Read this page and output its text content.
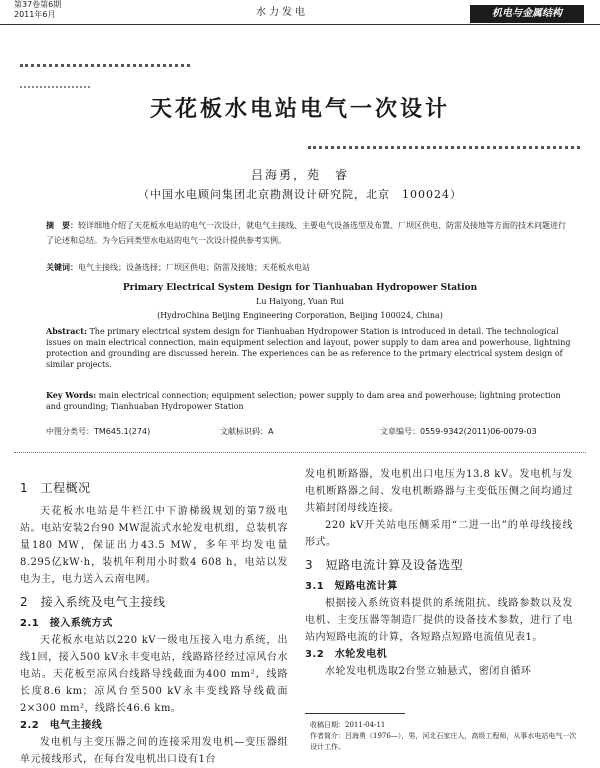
第37卷第6期
2011年6月	水力发电	机电与金属结构
天花板水电站电气一次设计
吕海勇，苑　睿
（中国水电顾问集团北京勘测设计研究院，北京　100024）
摘　要：较详细地介绍了天花板水电站的电气一次设计，就电气主接线、主要电气设备选型及布置、厂坝区供电、防雷及接地等方面的技术问题进行了论述和总结。为今后同类型水电站的电气一次设计提供参考实例。
关键词：电气主接线；设备选择；厂坝区供电；防雷及接地；天花板水电站
Primary Electrical System Design for Tianhuaban Hydropower Station
Lu Haiyong, Yuan Rui
(HydroChina Beijing Engineering Corporation, Beijing 100024, China)
Abstract: The primary electrical system design for Tianhuaban Hydropower Station is introduced in detail. The technological issues on main electrical connection, main equipment selection and layout, power supply to dam area and powerhouse, lightning protection and grounding are discussed herein. The experiences can be as reference to the primary electrical system design of similar projects.
Key Words: main electrical connection; equipment selection; power supply to dam area and powerhouse; lightning protection and grounding; Tianhuaban Hydropower Station
中图分类号：TM645.1(274)	文献标识码：A	文章编号：0559-9342(2011)06-0079-03
1　工程概况
天花板水电站是牛栏江中下游梯级规划的第7级电站。电站安装2台90 MW混流式水轮发电机组，总装机容量180 MW，保证出力43.5 MW，多年平均发电量8.295亿kW·h，装机年利用小时数4 608 h，电站以发电为主，电力送入云南电网。
2　接入系统及电气主接线
2.1　接入系统方式
天花板水电站以220 kV一级电压接入电力系统，出线1回，接入500 kV永丰变电站，线路路径经过凉风台水电站。天花板至凉风台线路导线截面为400 mm²，线路长度8.6 km；凉风台至500 kV永丰变线路导线截面2×300 mm²，线路长46.6 km。
2.2　电气主接线
发电机与主变压器之间的连接采用发电机—变压器组单元接线形式，在每台发电机出口设有1台
发电机断路器，发电机出口电压为13.8 kV。发电机与发电机断路器之间、发电机断路器与主变低压侧之间均通过共箱封闭母线连接。
220 kV开关站电压侧采用“二进一出”的单母线接线形式。
3　短路电流计算及设备选型
3.1　短路电流计算
根据接入系统资料提供的系统阻抗、线路参数以及发电机、主变压器等制造厂提供的设备技术参数，进行了电站内短路电流的计算，各短路点短路电流值见表1。
3.2　水轮发电机
水轮发电机选取2台竖立轴悬式，密闭自循环
收稿日期：2011-04-11
作者简介：吕海勇（1976—），男，河北石家庄人，高级工程师，从事水电站电气一次设计工作。
